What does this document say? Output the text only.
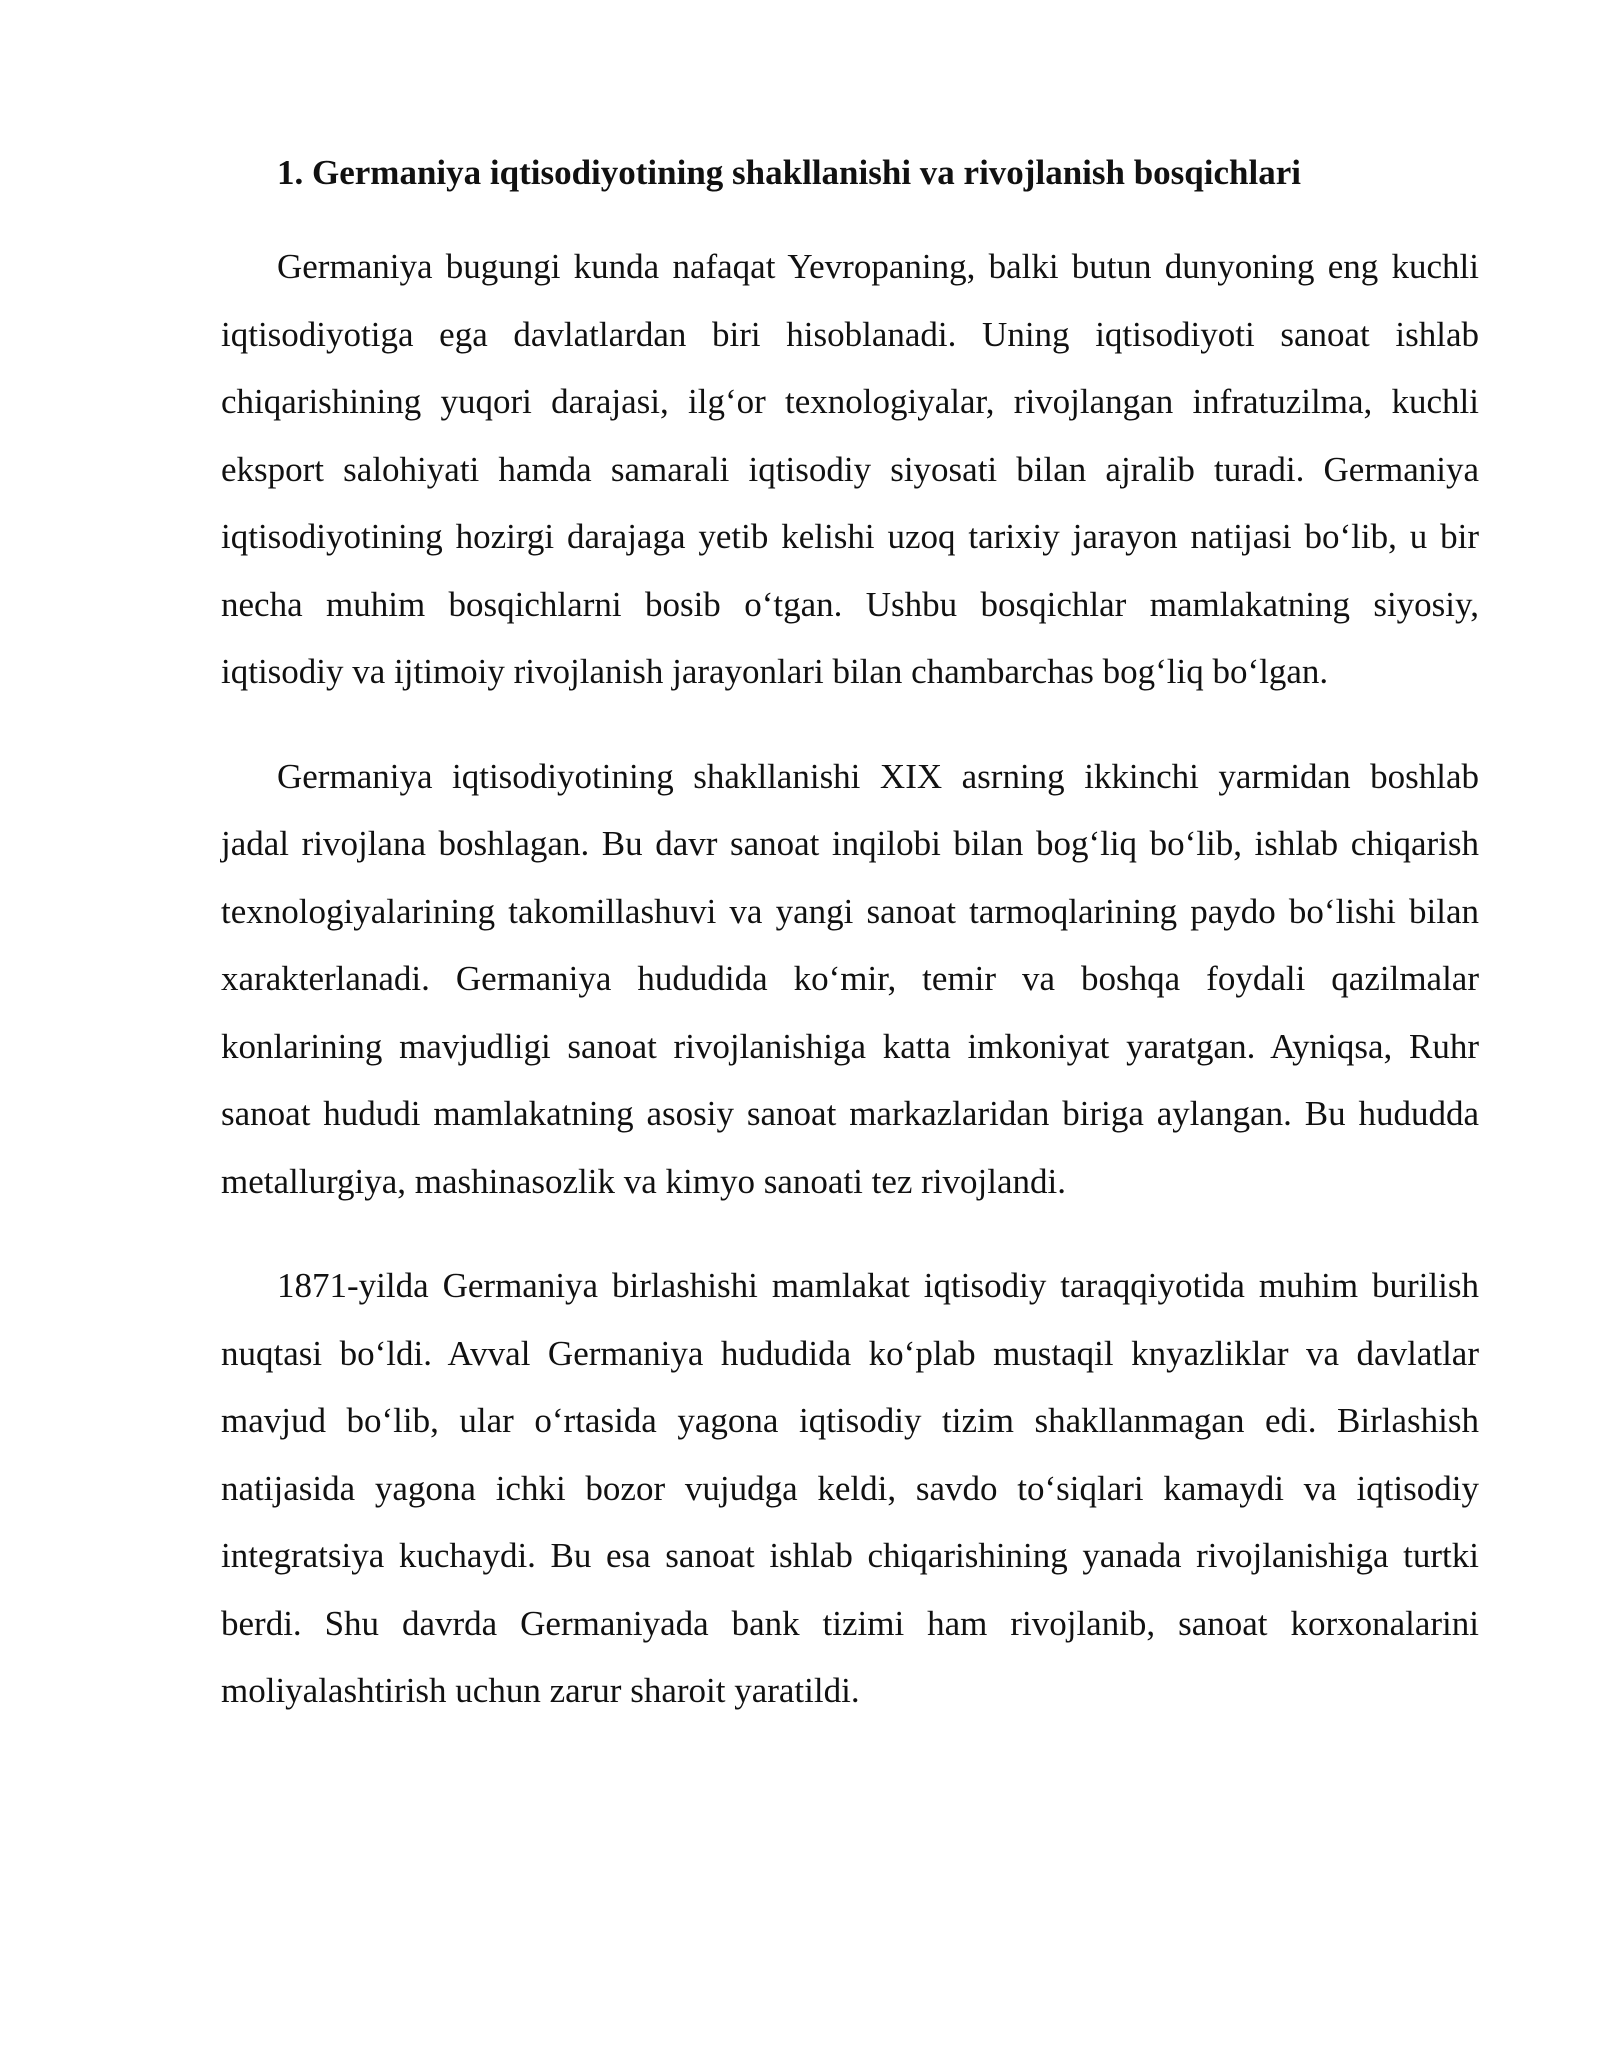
1. Germaniya iqtisodiyotining shakllanishi va rivojlanish bosqichlari

Germaniya bugungi kunda nafaqat Yevropaning, balki butun dunyoning eng kuchli iqtisodiyotiga ega davlatlardan biri hisoblanadi. Uning iqtisodiyoti sanoat ishlab chiqarishining yuqori darajasi, ilg‘or texnologiyalar, rivojlangan infratuzilma, kuchli eksport salohiyati hamda samarali iqtisodiy siyosati bilan ajralib turadi. Germaniya iqtisodiyotining hozirgi darajaga yetib kelishi uzoq tarixiy jarayon natijasi bo‘lib, u bir necha muhim bosqichlarni bosib o‘tgan. Ushbu bosqichlar mamlakatning siyosiy, iqtisodiy va ijtimoiy rivojlanish jarayonlari bilan chambarchas bog‘liq bo‘lgan.

Germaniya iqtisodiyotining shakllanishi XIX asrning ikkinchi yarmidan boshlab jadal rivojlana boshlagan. Bu davr sanoat inqilobi bilan bog‘liq bo‘lib, ishlab chiqarish texnologiyalarining takomillashuvi va yangi sanoat tarmoqlarining paydo bo‘lishi bilan xarakterlanadi. Germaniya hududida ko‘mir, temir va boshqa foydali qazilmalar konlarining mavjudligi sanoat rivojlanishiga katta imkoniyat yaratgan. Ayniqsa, Ruhr sanoat hududi mamlakatning asosiy sanoat markazlaridan biriga aylangan. Bu hududda metallurgiya, mashinasozlik va kimyo sanoati tez rivojlandi.

1871-yilda Germaniya birlashishi mamlakat iqtisodiy taraqqiyotida muhim burilish nuqtasi bo‘ldi. Avval Germaniya hududida ko‘plab mustaqil knyazliklar va davlatlar mavjud bo‘lib, ular o‘rtasida yagona iqtisodiy tizim shakllanmagan edi. Birlashish natijasida yagona ichki bozor vujudga keldi, savdo to‘siqlari kamaydi va iqtisodiy integratsiya kuchaydi. Bu esa sanoat ishlab chiqarishining yanada rivojlanishiga turtki berdi. Shu davrda Germaniyada bank tizimi ham rivojlanib, sanoat korxonalarini moliyalashtirish uchun zarur sharoit yaratildi.
